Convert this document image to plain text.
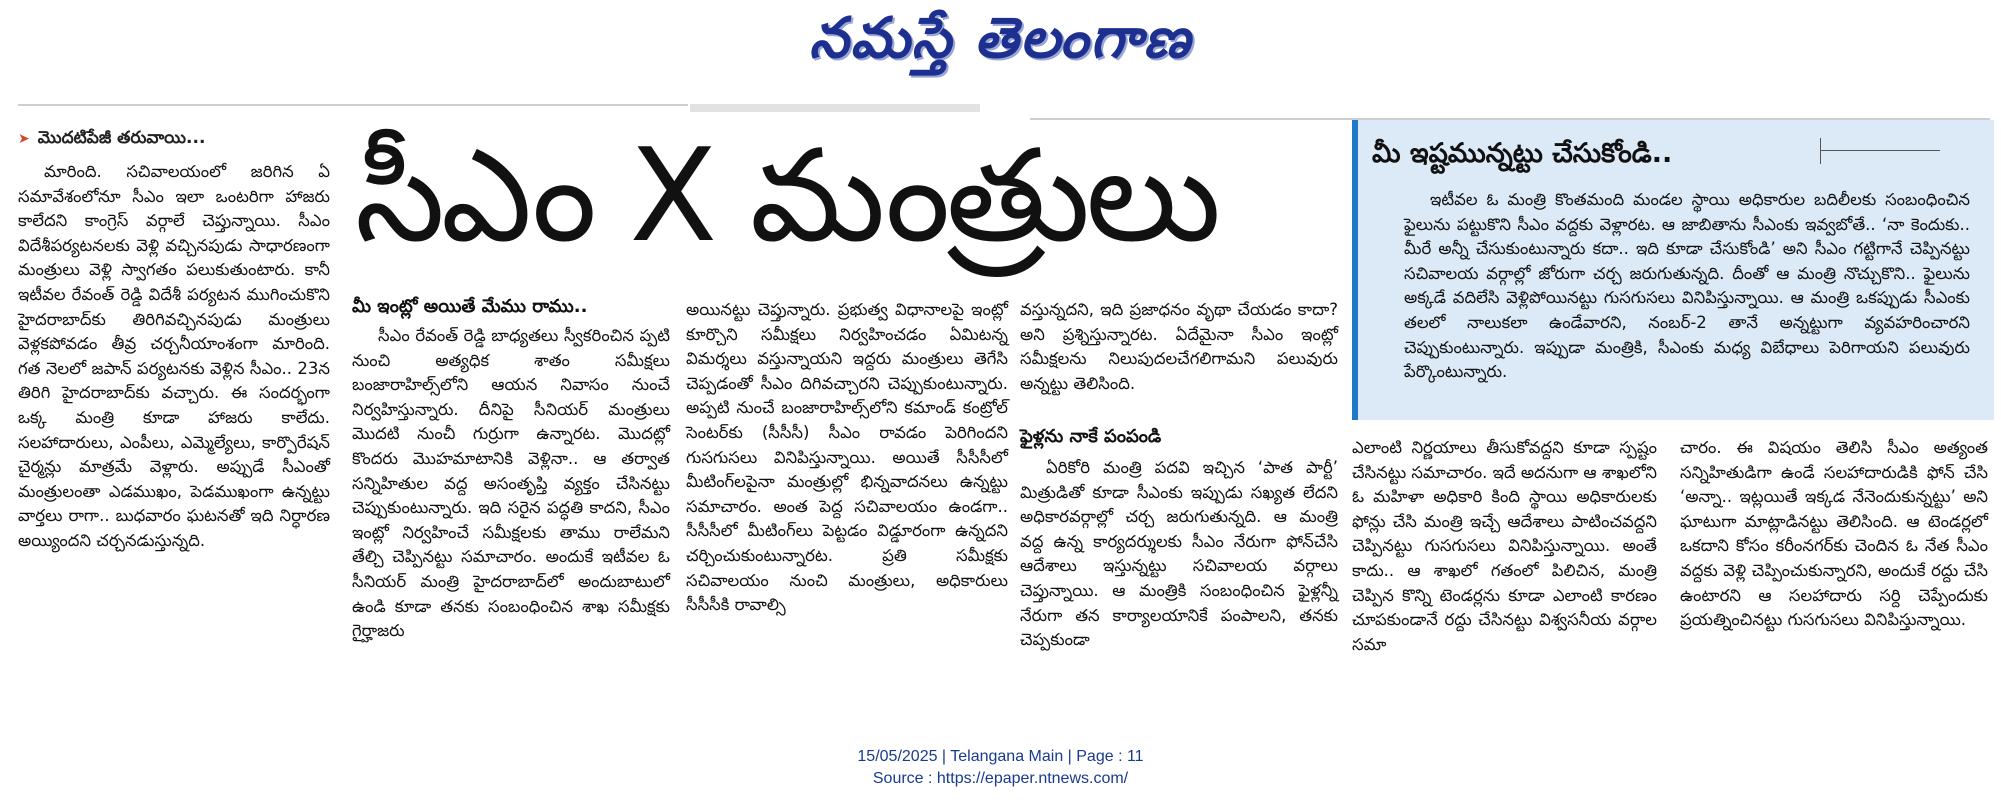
నమస్తే తెలంగాణ
➤ మొదటిపేజీ తరువాయి... సీఎం X మంత్రులు

మారింది. సచివాలయంలో జరిగిన ఏ సమావేశంలోనూ సీఎం ఇలా ఒంటరిగా హాజరు కాలేదని కాంగ్రెస్ వర్గాలే చెప్తున్నాయి. సీఎం విదేశీపర్యటనలకు వెళ్లి వచ్చినపుడు సాధారణంగా మంత్రులు వెళ్లి స్వాగతం పలుకుతుంటారు. కానీ ఇటీవల రేవంత్ రెడ్డి విదేశీ పర్యటన ముగించుకొని హైదరాబాద్‌కు తిరిగివచ్చినపుడు మంత్రులు వెళ్లకపోవడం తీవ్ర చర్చనీయాంశంగా మారింది. గత నెలలో జపాన్ పర్యటనకు వెళ్లిన సీఎం.. 23న తిరిగి హైదరాబాద్‌కు వచ్చారు. ఈ సందర్భంగా ఒక్క మంత్రి కూడా హాజరు కాలేదు. సలహాదారులు, ఎంపీలు, ఎమ్మెల్యేలు, కార్పొరేషన్ చైర్మన్లు మాత్రమే వెళ్లారు. అప్పుడే సీఎంతో మంత్రులంతా ఎడముఖం, పెడముఖంగా ఉన్నట్టు వార్తలు రాగా.. బుధవారం ఘటనతో ఇది నిర్ధారణ అయ్యిందని చర్చనడుస్తున్నది.

మీ ఇంట్లో అయితే మేము రాము..

సీఎం రేవంత్ రెడ్డి బాధ్యతలు స్వీకరించిన ప్పటి నుంచి అత్యధిక శాతం సమీక్షలు బంజారాహిల్స్‌లోని ఆయన నివాసం నుంచే నిర్వహిస్తున్నారు. దీనిపై సీనియర్ మంత్రులు మొదటి నుంచీ గుర్రుగా ఉన్నారట. మొదట్లో కొందరు మొహమాటానికి వెళ్లినా.. ఆ తర్వాత సన్నిహితుల వద్ద అసంతృప్తి వ్యక్తం చేసినట్టు చెప్పుకుంటున్నారు. ఇది సరైన పద్ధతి కాదని, సీఎం ఇంట్లో నిర్వహించే సమీక్షలకు తాము రాలేమని తేల్చి చెప్పినట్టు సమాచారం. అందుకే ఇటీవల ఓ సీనియర్ మంత్రి హైదరాబాద్‌లో అందుబాటులో ఉండి కూడా తనకు సంబంధించిన శాఖ సమీక్షకు గైర్హాజరు

అయినట్టు చెప్తున్నారు. ప్రభుత్వ విధానాలపై ఇంట్లో కూర్చొని సమీక్షలు నిర్వహించడం ఏమిటన్న విమర్శలు వస్తున్నాయని ఇద్దరు మంత్రులు తెగేసి చెప్పడంతో సీఎం దిగివచ్చారని చెప్పుకుంటున్నారు. అప్పటి నుంచే బంజారాహిల్స్‌లోని కమాండ్ కంట్రోల్ సెంటర్‌కు (సీసీసీ) సీఎం రావడం పెరిగిందని గుసగుసలు వినిపిస్తున్నాయి. అయితే సీసీసీలో మీటింగ్‌లపైనా మంత్రుల్లో భిన్నవాదనలు ఉన్నట్టు సమాచారం. అంత పెద్ద సచివాలయం ఉండగా.. సీసీసీలో మీటింగ్‌లు పెట్టడం విడ్డూరంగా ఉన్నదని చర్చించుకుంటున్నారట. ప్రతి సమీక్షకు సచివాలయం నుంచి మంత్రులు, అధికారులు సీసీసీకి రావాల్సి

వస్తున్నదని, ఇది ప్రజాధనం వృథా చేయడం కాదా? అని ప్రశ్నిస్తున్నారట. ఏదేమైనా సీఎం ఇంట్లో సమీక్షలను నిలుపుదలచేగలిగామని పలువురు అన్నట్టు తెలిసింది.

ఫైళ్లను నాకే పంపండి

ఏరికోరి మంత్రి పదవి ఇచ్చిన ‘పాత పార్టీ’ మిత్రుడితో కూడా సీఎంకు ఇప్పుడు సఖ్యత లేదని అధికారవర్గాల్లో చర్చ జరుగుతున్నది. ఆ మంత్రి వద్ద ఉన్న కార్యదర్శులకు సీఎం నేరుగా ఫోన్‌చేసి ఆదేశాలు ఇస్తున్నట్టు సచివాలయ వర్గాలు చెప్తున్నాయి. ఆ మంత్రికి సంబంధించిన ఫైళ్లన్నీ నేరుగా తన కార్యాలయానికే పంపాలని, తనకు చెప్పకుండా

మీ ఇష్టమున్నట్టు చేసుకోండి..

ఇటీవల ఓ మంత్రి కొంతమంది మండల స్థాయి అధికారుల బదిలీలకు సంబంధించిన ఫైలును పట్టుకొని సీఎం వద్దకు వెళ్లారట. ఆ జాబితాను సీఎంకు ఇవ్వబోతే.. ‘నా కెందుకు.. మీరే అన్నీ చేసుకుంటున్నారు కదా.. ఇది కూడా చేసుకోండి’ అని సీఎం గట్టిగానే చెప్పినట్టు సచివాలయ వర్గాల్లో జోరుగా చర్చ జరుగుతున్నది. దీంతో ఆ మంత్రి నొచ్చుకొని.. ఫైలును అక్కడే వదిలేసి వెళ్లిపోయినట్టు గుసగుసలు వినిపిస్తున్నాయి. ఆ మంత్రి ఒకప్పుడు సీఎంకు తలలో నాలుకలా ఉండేవారని, నంబర్-2 తానే అన్నట్టుగా వ్యవహరించారని చెప్పుకుంటున్నారు. ఇప్పుడా మంత్రికి, సీఎంకు మధ్య విబేధాలు పెరిగాయని పలువురు పేర్కొంటున్నారు.

ఎలాంటి నిర్ణయాలు తీసుకోవద్దని కూడా స్పష్టం చేసినట్టు సమాచారం. ఇదే అదనుగా ఆ శాఖలోని ఓ మహిళా అధికారి కింది స్థాయి అధికారులకు ఫోన్లు చేసి మంత్రి ఇచ్చే ఆదేశాలు పాటించవద్దని చెప్పినట్టు గుసగుసలు వినిపిస్తున్నాయి. అంతే కాదు.. ఆ శాఖలో గతంలో పిలిచిన, మంత్రి చెప్పిన కొన్ని టెండర్లను కూడా ఎలాంటి కారణం చూపకుండానే రద్దు చేసినట్టు విశ్వసనీయ వర్గాల సమా

చారం. ఈ విషయం తెలిసి సీఎం అత్యంత సన్నిహితుడిగా ఉండే సలహాదారుడికి ఫోన్ చేసి ‘అన్నా.. ఇట్లయితే ఇక్కడ నేనెందుకున్నట్టు’ అని ఘాటుగా మాట్లాడినట్టు తెలిసింది. ఆ టెండర్లలో ఒకదాని కోసం కరీంనగర్‌కు చెందిన ఓ నేత సీఎం వద్దకు వెళ్లి చెప్పించుకున్నారని, అందుకే రద్దు చేసి ఉంటారని ఆ సలహాదారు సర్ది చెప్పేందుకు ప్రయత్నించినట్టు గుసగుసలు వినిపిస్తున్నాయి.

15/05/2025 | Telangana Main | Page : 11
Source : https://epaper.ntnews.com/
